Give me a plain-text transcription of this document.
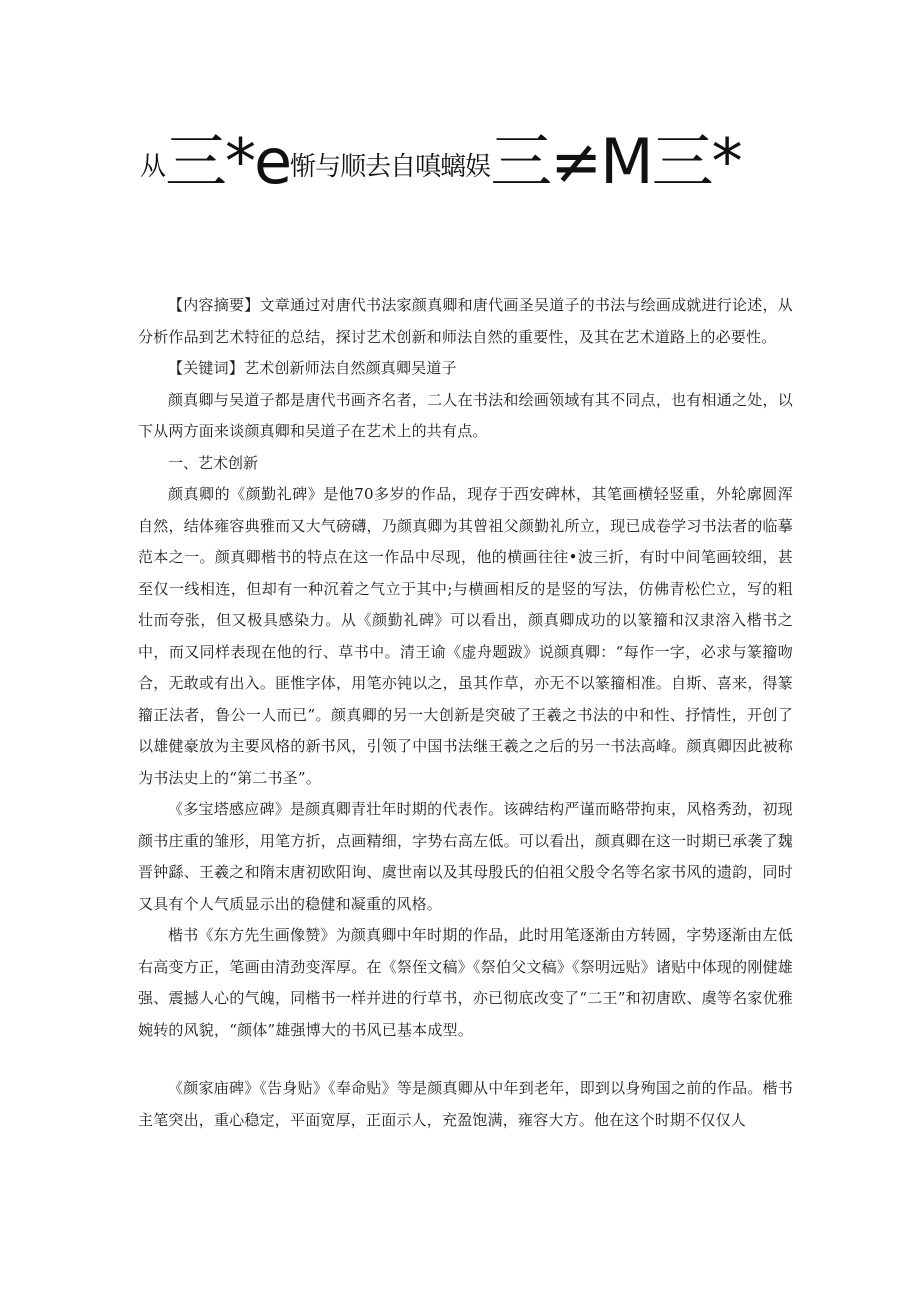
从三*e惭与顺去自嗔螭娱三≠M三*

【内容摘要】文章通过对唐代书法家颜真卿和唐代画圣吴道子的书法与绘画成就进行论述，从分析作品到艺术特征的总结，探讨艺术创新和师法自然的重要性，及其在艺术道路上的必要性。

【关键词】艺术创新师法自然颜真卿吴道子

颜真卿与吴道子都是唐代书画齐名者，二人在书法和绘画领域有其不同点，也有相通之处，以下从两方面来谈颜真卿和吴道子在艺术上的共有点。

一、艺术创新

颜真卿的《颜勤礼碑》是他70多岁的作品，现存于西安碑林，其笔画横轻竖重，外轮廓圆浑自然，结体雍容典雅而又大气磅礴，乃颜真卿为其曾祖父颜勤礼所立，现已成卷学习书法者的临摹范本之一。颜真卿楷书的特点在这一作品中尽现，他的横画往往•波三折，有时中间笔画较细，甚至仅一线相连，但却有一种沉着之气立于其中;与横画相反的是竖的写法，仿佛青松伫立，写的粗壮而夸张，但又极具感染力。从《颜勤礼碑》可以看出，颜真卿成功的以篆籀和汉隶溶入楷书之中，而又同样表现在他的行、草书中。清王谕《虚舟题跋》说颜真卿：“每作一字，必求与篆籀吻合，无敢或有出入。匪惟字体，用笔亦钝以之，虽其作草，亦无不以篆籀相准。自斯、喜来，得篆籀正法者，鲁公一人而已”。颜真卿的另一大创新是突破了王羲之书法的中和性、抒情性，开创了以雄健豪放为主要风格的新书风，引领了中国书法继王羲之之后的另一书法高峰。颜真卿因此被称为书法史上的“第二书圣”。

《多宝塔感应碑》是颜真卿青壮年时期的代表作。该碑结构严谨而略带拘束，风格秀劲，初现颜书庄重的雏形，用笔方折，点画精细，字势右高左低。可以看出，颜真卿在这一时期已承袭了魏晋钟繇、王羲之和隋末唐初欧阳询、虞世南以及其母殷氏的伯祖父殷令名等名家书风的遗韵，同时又具有个人气质显示出的稳健和凝重的风格。

楷书《东方先生画像赞》为颜真卿中年时期的作品，此时用笔逐渐由方转圆，字势逐渐由左低右高变方正，笔画由清劲变浑厚。在《祭侄文稿》《祭伯父文稿》《祭明远贴》诸贴中体现的刚健雄强、震撼人心的气魄，同楷书一样并进的行草书，亦已彻底改变了“二王”和初唐欧、虞等名家优雅婉转的风貌，“颜体”雄强博大的书风已基本成型。

《颜家庙碑》《告身贴》《奉命贴》等是颜真卿从中年到老年，即到以身殉国之前的作品。楷书主笔突出，重心稳定，平面宽厚，正面示人，充盈饱满，雍容大方。他在这个时期不仅仅人
